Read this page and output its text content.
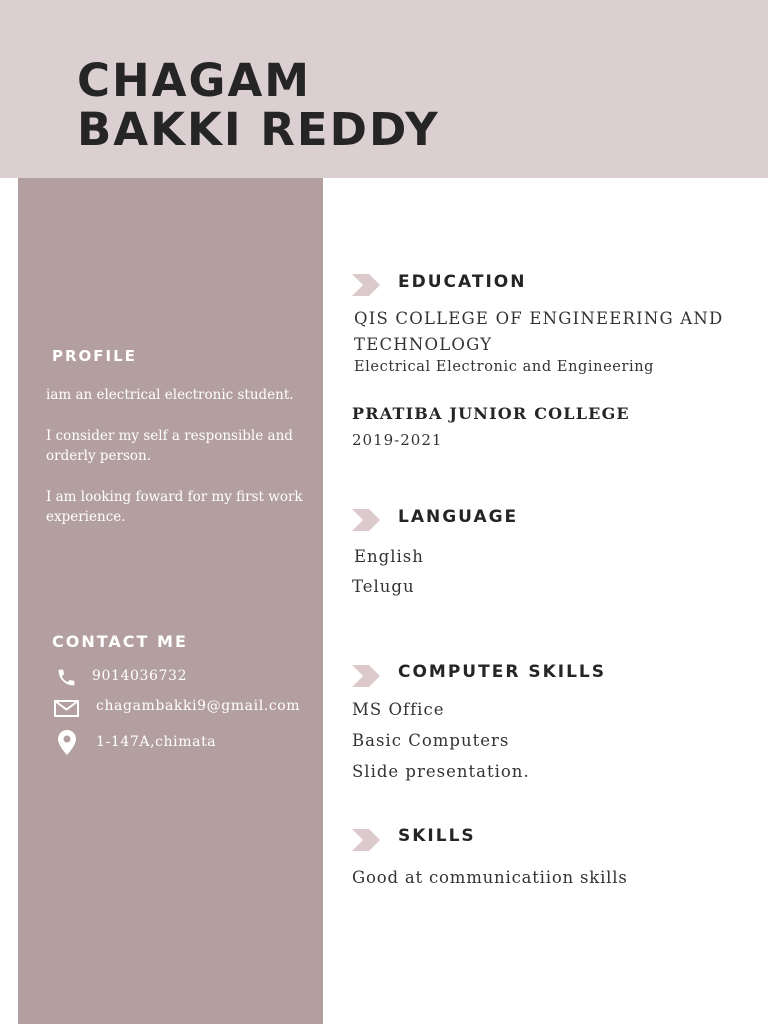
CHAGAM
BAKKI REDDY
PROFILE

iam an electrical electronic student.

I consider my self a responsible and orderly person.

I am looking foward for my first work experience.

CONTACT ME
9014036732
chagambakki9@gmail.com
1-147A,chimata
EDUCATION
QIS COLLEGE OF ENGINEERING AND
TECHNOLOGY
Electrical Electronic and Engineering
PRATIBA JUNIOR COLLEGE
2019-2021
LANGUAGE
English
Telugu
COMPUTER SKILLS
MS Office
Basic Computers
Slide presentation.
SKILLS
Good at communicatiion skills
